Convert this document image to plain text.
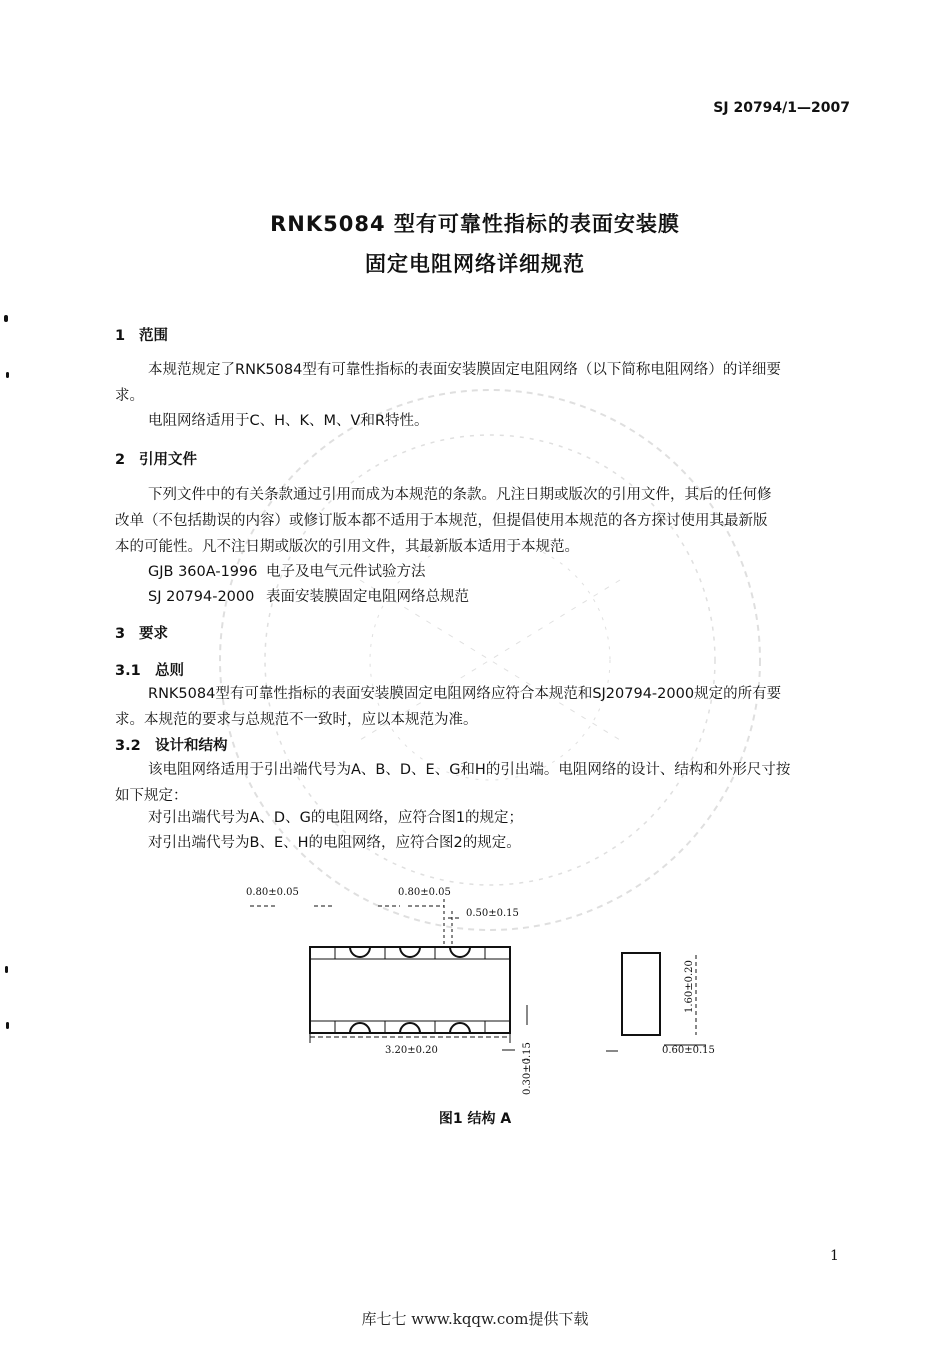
SJ 20794/1—2007
RNK5084 型有可靠性指标的表面安装膜
固定电阻网络详细规范
1 范围
本规范规定了RNK5084型有可靠性指标的表面安装膜固定电阻网络（以下简称电阻网络）的详细要
求。
电阻网络适用于C、H、K、M、V和R特性。
2 引用文件
下列文件中的有关条款通过引用而成为本规范的条款。凡注日期或版次的引用文件，其后的任何修
改单（不包括勘误的内容）或修订版本都不适用于本规范，但提倡使用本规范的各方探讨使用其最新版
本的可能性。凡不注日期或版次的引用文件，其最新版本适用于本规范。
GJB 360A-1996 电子及电气元件试验方法
SJ 20794-2000 表面安装膜固定电阻网络总规范
3 要求
3.1 总则
RNK5084型有可靠性指标的表面安装膜固定电阻网络应符合本规范和SJ20794-2000规定的所有要
求。本规范的要求与总规范不一致时，应以本规范为准。
3.2 设计和结构
该电阻网络适用于引出端代号为A、B、D、E、G和H的引出端。电阻网络的设计、结构和外形尺寸按
如下规定：
对引出端代号为A、D、G的电阻网络，应符合图1的规定；
对引出端代号为B、E、H的电阻网络，应符合图2的规定。
0.80±0.05	0.80±0.05
0.50±0.15
3.20±0.20	0.30±0.15
1.60±0.20
0.60±0.15
图1 结构 A
1
库七七 www.kqqw.com提供下载
